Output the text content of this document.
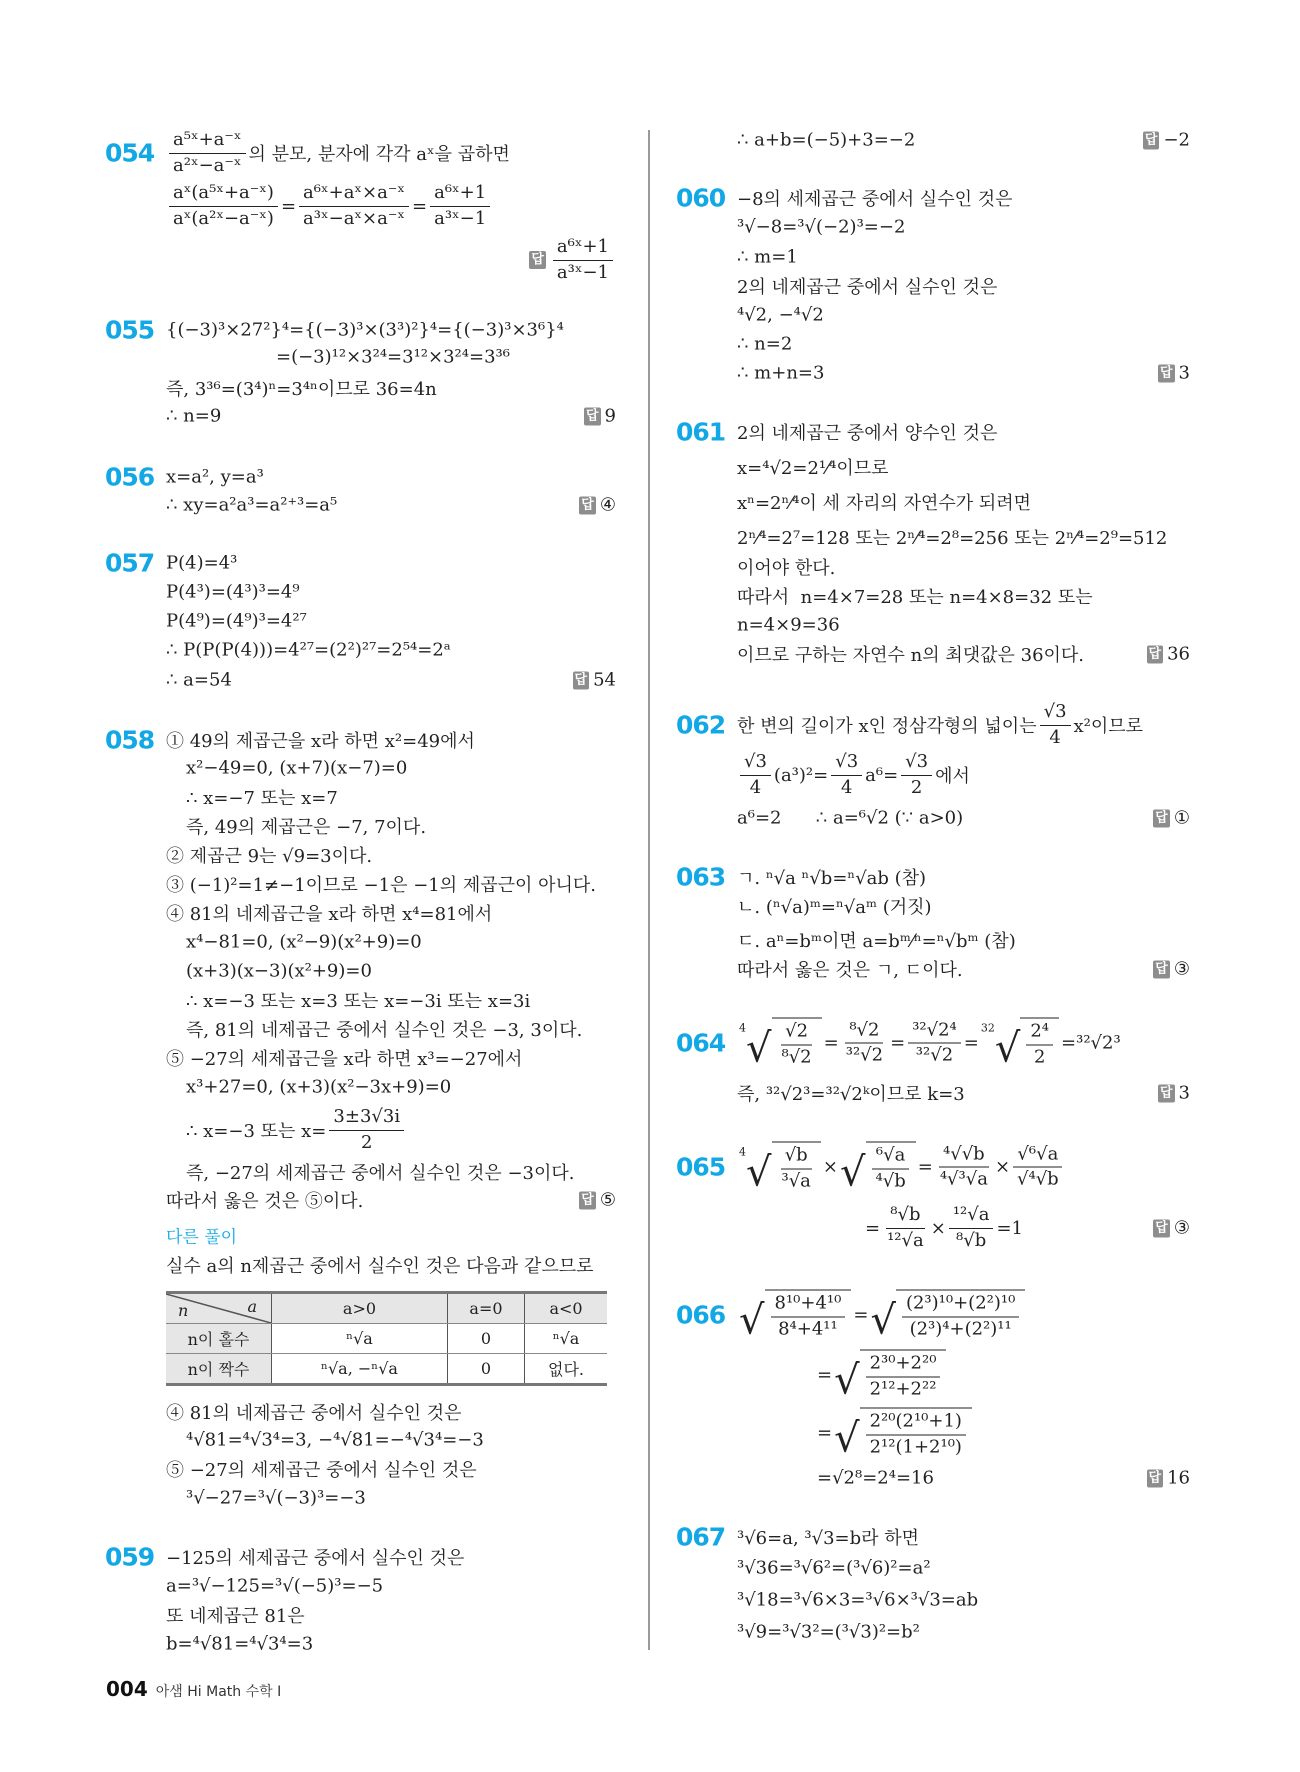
$054 \frac{\text{a⁵ˣ+a⁻ˣ}}{\text{a²ˣ−a⁻ˣ}}$ 의 분모, 분자에 각각 aˣ을 곱하면
$\frac{\text{aˣ(a⁵ˣ+a⁻ˣ)}}{\text{aˣ(a²ˣ−a⁻ˣ)}} = \frac{\text{a⁶ˣ+aˣ×a⁻ˣ}}{\text{a³ˣ−aˣ×a⁻ˣ}} = \frac{\text{a⁶ˣ+1}}{\text{a³ˣ−1}}$
답 $\frac{\text{a⁶ˣ+1}}{\text{a³ˣ−1}}$
055 {(−3)³×27²}⁴={(−3)³×(3³)²}⁴={(−3)³×3⁶}⁴
=(−3)¹²×3²⁴=3¹²×3²⁴=3³⁶
즉, 3³⁶=(3⁴)ⁿ=3⁴ⁿ이므로 36=4n
∴ n=9	답 9
056 x=a², y=a³
∴ xy=a²a³=a²⁺³=a⁵	답 ④
057 P(4)=4³
P(4³)=(4³)³=4⁹
P(4⁹)=(4⁹)³=4²⁷
∴ P(P(P(4)))=4²⁷=(2²)²⁷=2⁵⁴=2ᵃ
∴ a=54	답 54
058 ① 49의 제곱근을 x라 하면 x²=49에서
x²−49=0, (x+7)(x−7)=0
∴ x=−7 또는 x=7
즉, 49의 제곱근은 −7, 7이다.
② 제곱근 9는 √9=3이다.
③ (−1)²=1≠−1이므로 −1은 −1의 제곱근이 아니다.
④ 81의 네제곱근을 x라 하면 x⁴=81에서
x⁴−81=0, (x²−9)(x²+9)=0
(x+3)(x−3)(x²+9)=0
∴ x=−3 또는 x=3 또는 x=−3i 또는 x=3i
즉, 81의 네제곱근 중에서 실수인 것은 −3, 3이다.
⑤ −27의 세제곱근을 x라 하면 x³=−27에서
x³+27=0, (x+3)(x²−3x+9)=0
∴ x=−3 또는 $x= \frac{3\pm 3√3i}{2}$
즉, −27의 세제곱근 중에서 실수인 것은 −3이다.
따라서 옳은 것은 ⑤이다.	답 ⑤
다른 풀이
실수 a의 n제곱근 중에서 실수인 것은 다음과 같으므로
n a	a>0	a=0	a<0
n이 홀수	ⁿ√a	0	ⁿ√a
n이 짝수	ⁿ√a, −ⁿ√a	0	없다.
④ 81의 네제곱근 중에서 실수인 것은
⁴√81=⁴√3⁴=3, −⁴√81=−⁴√3⁴=−3
⑤ −27의 세제곱근 중에서 실수인 것은
³√−27=³√(−3)³=−3
059 −125의 세제곱근 중에서 실수인 것은
a=³√−125=³√(−5)³=−5
또 네제곱근 81은
b=⁴√81=⁴√3⁴=3
∴ a+b=(−5)+3=−2	답 −2
060 −8의 세제곱근 중에서 실수인 것은
³√−8=³√(−2)³=−2
∴ m=1
2의 네제곱근 중에서 실수인 것은
⁴√2, −⁴√2
∴ n=2
∴ m+n=3	답 3
061 2의 네제곱근 중에서 양수인 것은
x=⁴√2=2¹⁄⁴이므로
xⁿ=2ⁿ⁄⁴이 세 자리의 자연수가 되려면
2ⁿ⁄⁴=2⁷=128 또는 2ⁿ⁄⁴=2⁸=256 또는 2ⁿ⁄⁴=2⁹=512
이어야 한다.
따라서  n=4×7=28 또는 n=4×8=32 또는
n=4×9=36
이므로 구하는 자연수 n의 최댓값은 36이다.	답 36
062 한 변의 길이가 x인 정삼각형의 넓이는 $\frac{√3}{4} x^2$이므로
$\frac{√3}{4} (a^3)^2= \frac{√3}{4} a^6= \frac{√3}{2}$ 에서
a⁶=2      ∴ a=⁶√2 (∵ a>0)	답 ①
063 ㄱ. ⁿ√a ⁿ√b=ⁿ√ab (참)
ㄴ. (ⁿ√a)ᵐ=ⁿ√aᵐ (거짓)
ㄷ. aⁿ=bᵐ이면 a=bᵐ⁄ⁿ=ⁿ√bᵐ (참)
따라서 옳은 것은 ㄱ, ㄷ이다.	답 ③
064
4 √ $\frac{√2}{\text{⁸√2}} = \frac{\text{⁸√2}}{\text{³²√2}} = \frac{\text{³²√2⁴}}{\text{³²√2}}$ =
32 √ $\frac{\text{2⁴}}{2} =^{32}√2^3$
즉, ³²√2³=³²√2ᵏ이므로 k=3	답 3
065
4 √ $\frac{√b}{\text{³√a}}$ × √ $\frac{\text{⁶√a}}{\text{⁴√b}} = \frac{\text{⁴√√b}}{\text{⁴√³√a}} \times \frac{\text{√⁶√a}}{\text{√⁴√b}}$
= $\frac{\text{⁸√b}}{\text{¹²√a}} \times \frac{\text{¹²√a}}{\text{⁸√b}} =1$	답 ③
066 √ $\frac{\text{8¹⁰+4¹⁰}}{\text{8⁴+4¹¹}}$ = √ $\frac{\text{(2³)¹⁰+(2²)¹⁰}}{\text{(2³)⁴+(2²)¹¹}}$
= √ $\frac{\text{2³⁰+2²⁰}}{\text{2¹²+2²²}}$
= √ $\frac{\text{2²⁰(2¹⁰+1)}}{\text{2¹²(1+2¹⁰)}}$
=√2⁸=2⁴=16	답 16
067 ³√6=a, ³√3=b라 하면
³√36=³√6²=(³√6)²=a²
³√18=³√6×3=³√6×³√3=ab
³√9=³√3²=(³√3)²=b²
004 아샘 Hi Math 수학 I
